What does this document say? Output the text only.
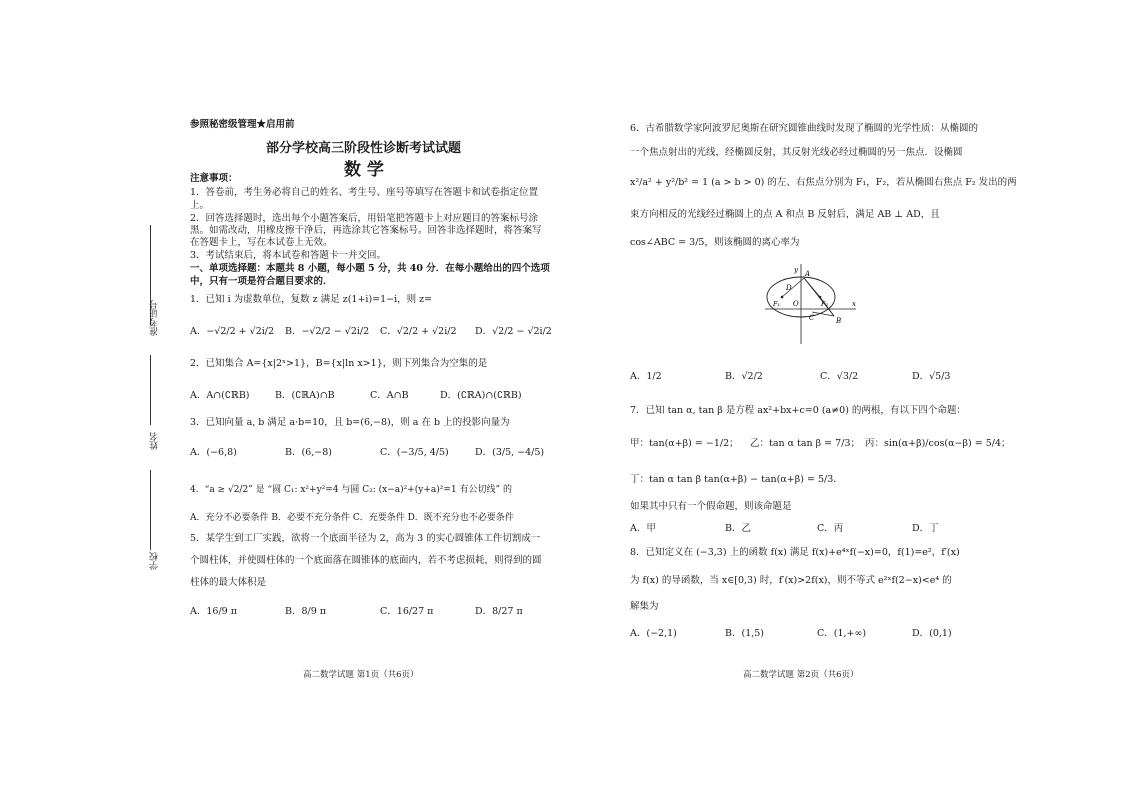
准考证号
姓名
学校
参照秘密级管理★启用前
部分学校高三阶段性诊断考试试题
数 学
注意事项：
1．答卷前，考生务必将自己的姓名、考生号、座号等填写在答题卡和试卷指定位置
上。
2．回答选择题时，选出每个小题答案后，用铅笔把答题卡上对应题目的答案标号涂
黑。如需改动，用橡皮擦干净后，再选涂其它答案标号。回答非选择题时，将答案写
在答题卡上，写在本试卷上无效。
3．考试结束后，将本试卷和答题卡一并交回。
一、单项选择题：本题共 8 小题，每小题 5 分，共 40 分．在每小题给出的四个选项
中，只有一项是符合题目要求的．
1．已知 i 为虚数单位，复数 z 满足 z(1+i)=1−i，则 z=
A．−√2/2 + √2i/2 B．−√2/2 − √2i/2 C．√2/2 + √2i/2 D．√2/2 − √2i/2
2．已知集合 A={x|2ˣ>1}，B={x|ln x>1}，则下列集合为空集的是
A．A∩(∁ℝB)	B．(∁ℝA)∩B	C．A∩B	D．(∁ℝA)∩(∁ℝB)
3．已知向量 a, b 满足 a·b=10，且 b=(6,−8)，则 a 在 b 上的投影向量为
A．(−6,8)	B．(6,−8)	C．(−3/5, 4/5)	D．(3/5, −4/5)
4．“a ≥ √2/2” 是 “圆 C₁: x²+y²=4 与圆 C₂: (x−a)²+(y+a)²=1 有公切线” 的
A．充分不必要条件 B．必要不充分条件 C．充要条件 D．既不充分也不必要条件
5．某学生到工厂实践，欲将一个底面半径为 2，高为 3 的实心圆锥体工件切割成一
个圆柱体，并使圆柱体的一个底面落在圆锥体的底面内，若不考虑损耗，则得到的圆
柱体的最大体积是
A．16/9 π	B．8/9 π	C．16/27 π	D．8/27 π
高二数学试题 第1页（共6页）
6．古希腊数学家阿波罗尼奥斯在研究圆锥曲线时发现了椭圆的光学性质：从椭圆的
一个焦点射出的光线，经椭圆反射，其反射光线必经过椭圆的另一焦点．设椭圆
x²/a² + y²/b² = 1 (a > b > 0) 的左、右焦点分别为 F₁，F₂，若从椭圆右焦点 F₂ 发出的两
束方向相反的光线经过椭圆上的点 A 和点 B 反射后，满足 AB ⊥ AD，且
cos∠ABC = 3/5，则该椭圆的离心率为
y
x
O
A
B
C
D
F₁	F₂
A．1/2	B．√2/2	C．√3/2	D．√5/3
7．已知 tan α, tan β 是方程 ax²+bx+c=0 (a≠0) 的两根，有以下四个命题：
甲：tan(α+β) = −1/2； 乙：tan α tan β = 7/3； 丙：sin(α+β)/cos(α−β) = 5/4；
丁：tan α tan β tan(α+β) − tan(α+β) = 5/3．
如果其中只有一个假命题，则该命题是
A．甲	B．乙	C．丙	D．丁
8．已知定义在 (−3,3) 上的函数 f(x) 满足 f(x)+e⁴ˣf(−x)=0，f(1)=e²，f′(x)
为 f(x) 的导函数，当 x∈[0,3) 时，f′(x)>2f(x)，则不等式 e²ˣf(2−x)<e⁴ 的
解集为
A．(−2,1)	B．(1,5)	C．(1,+∞)	D．(0,1)
高二数学试题 第2页（共6页）
